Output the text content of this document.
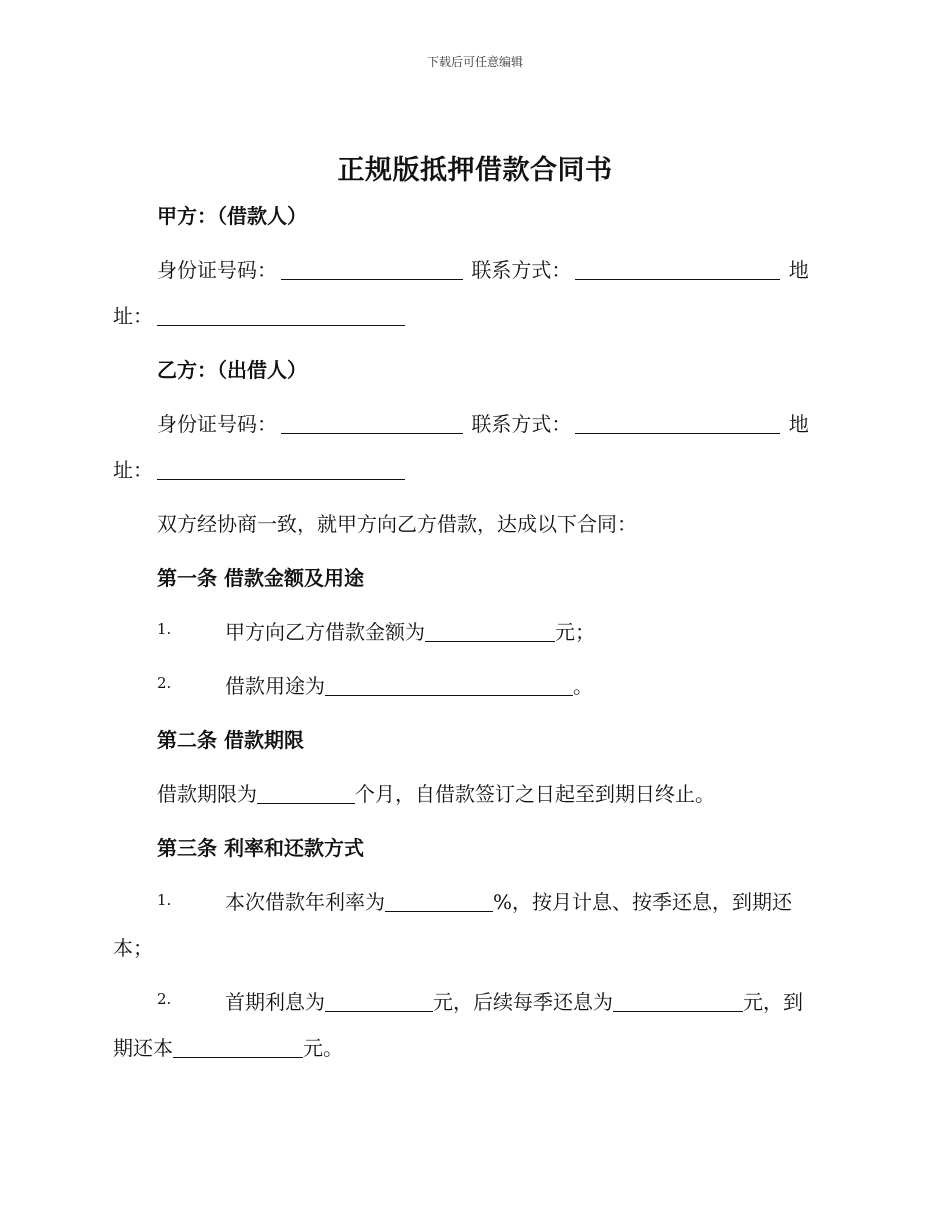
下载后可任意编辑
正规版抵押借款合同书
甲方：（借款人）
身份证号码：	联系方式：	地
址：
乙方：（出借人）
身份证号码：	联系方式：	地
址：
双方经协商一致，就甲方向乙方借款，达成以下合同：
第一条 借款金额及用途
1.	甲方向乙方借款金额为	元；
2.	借款用途为	。
第二条 借款期限
借款期限为	个月，自借款签订之日起至到期日终止。
第三条 利率和还款方式
1.	本次借款年利率为	%，按月计息、按季还息，到期还
本；
2.	首期利息为	元，后续每季还息为	元，到
期还本	元。
